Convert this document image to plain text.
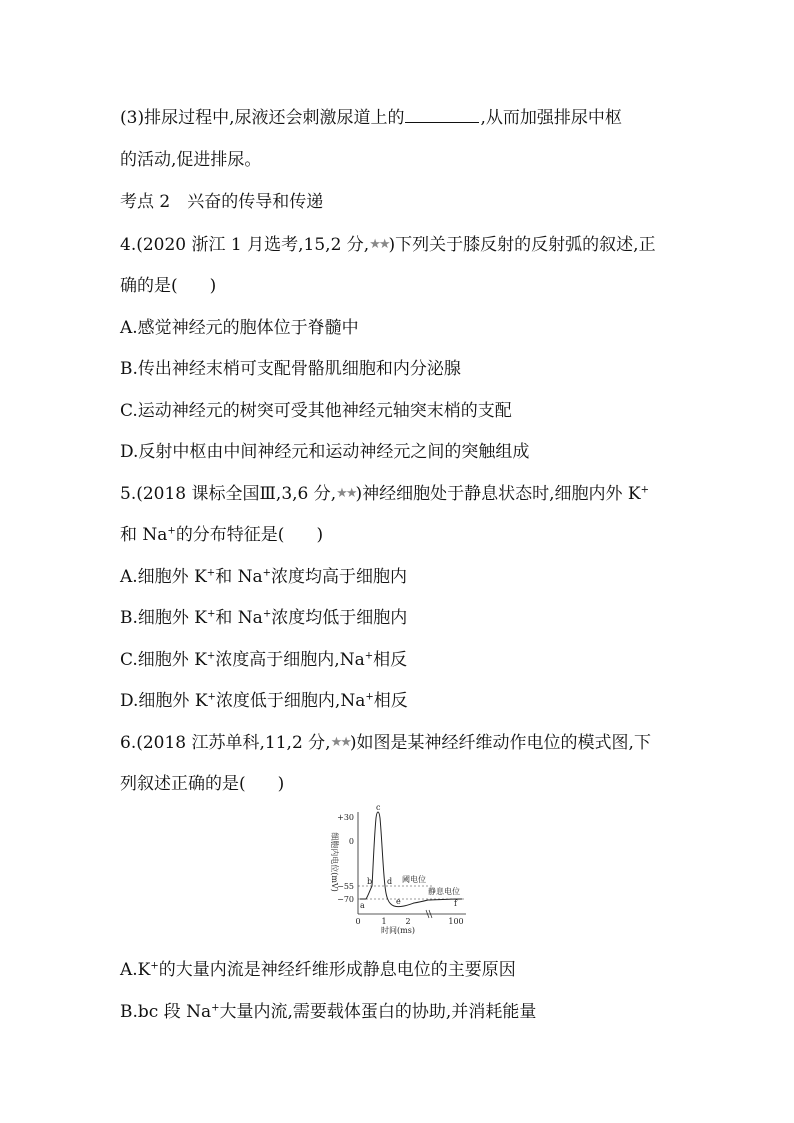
(3)排尿过程中,尿液还会刺激尿道上的	,从而加强排尿中枢
的活动,促进排尿。
考点 2　兴奋的传导和传递
4.(2020 浙江 1 月选考,15,2 分,★★)下列关于膝反射的反射弧的叙述,正
确的是( )
A.感觉神经元的胞体位于脊髓中
B.传出神经末梢可支配骨骼肌细胞和内分泌腺
C.运动神经元的树突可受其他神经元轴突末梢的支配
D.反射中枢由中间神经元和运动神经元之间的突触组成
5.(2018 课标全国Ⅲ,3,6 分,★★)神经细胞处于静息状态时,细胞内外 K+
和 Na+的分布特征是( )
A.细胞外 K+和 Na+浓度均高于细胞内
B.细胞外 K+和 Na+浓度均低于细胞内
C.细胞外 K+浓度高于细胞内,Na+相反
D.细胞外 K+浓度低于细胞内,Na+相反
6.(2018 江苏单科,11,2 分,★★)如图是某神经纤维动作电位的模式图,下
列叙述正确的是( )
细胞内电位(mV)
+30
0
−55
−70
阈电位
静息电位
a
b
c
d
e	f
0	1 2	100
时间(ms)
A.K+的大量内流是神经纤维形成静息电位的主要原因
B.bc 段 Na+大量内流,需要载体蛋白的协助,并消耗能量
